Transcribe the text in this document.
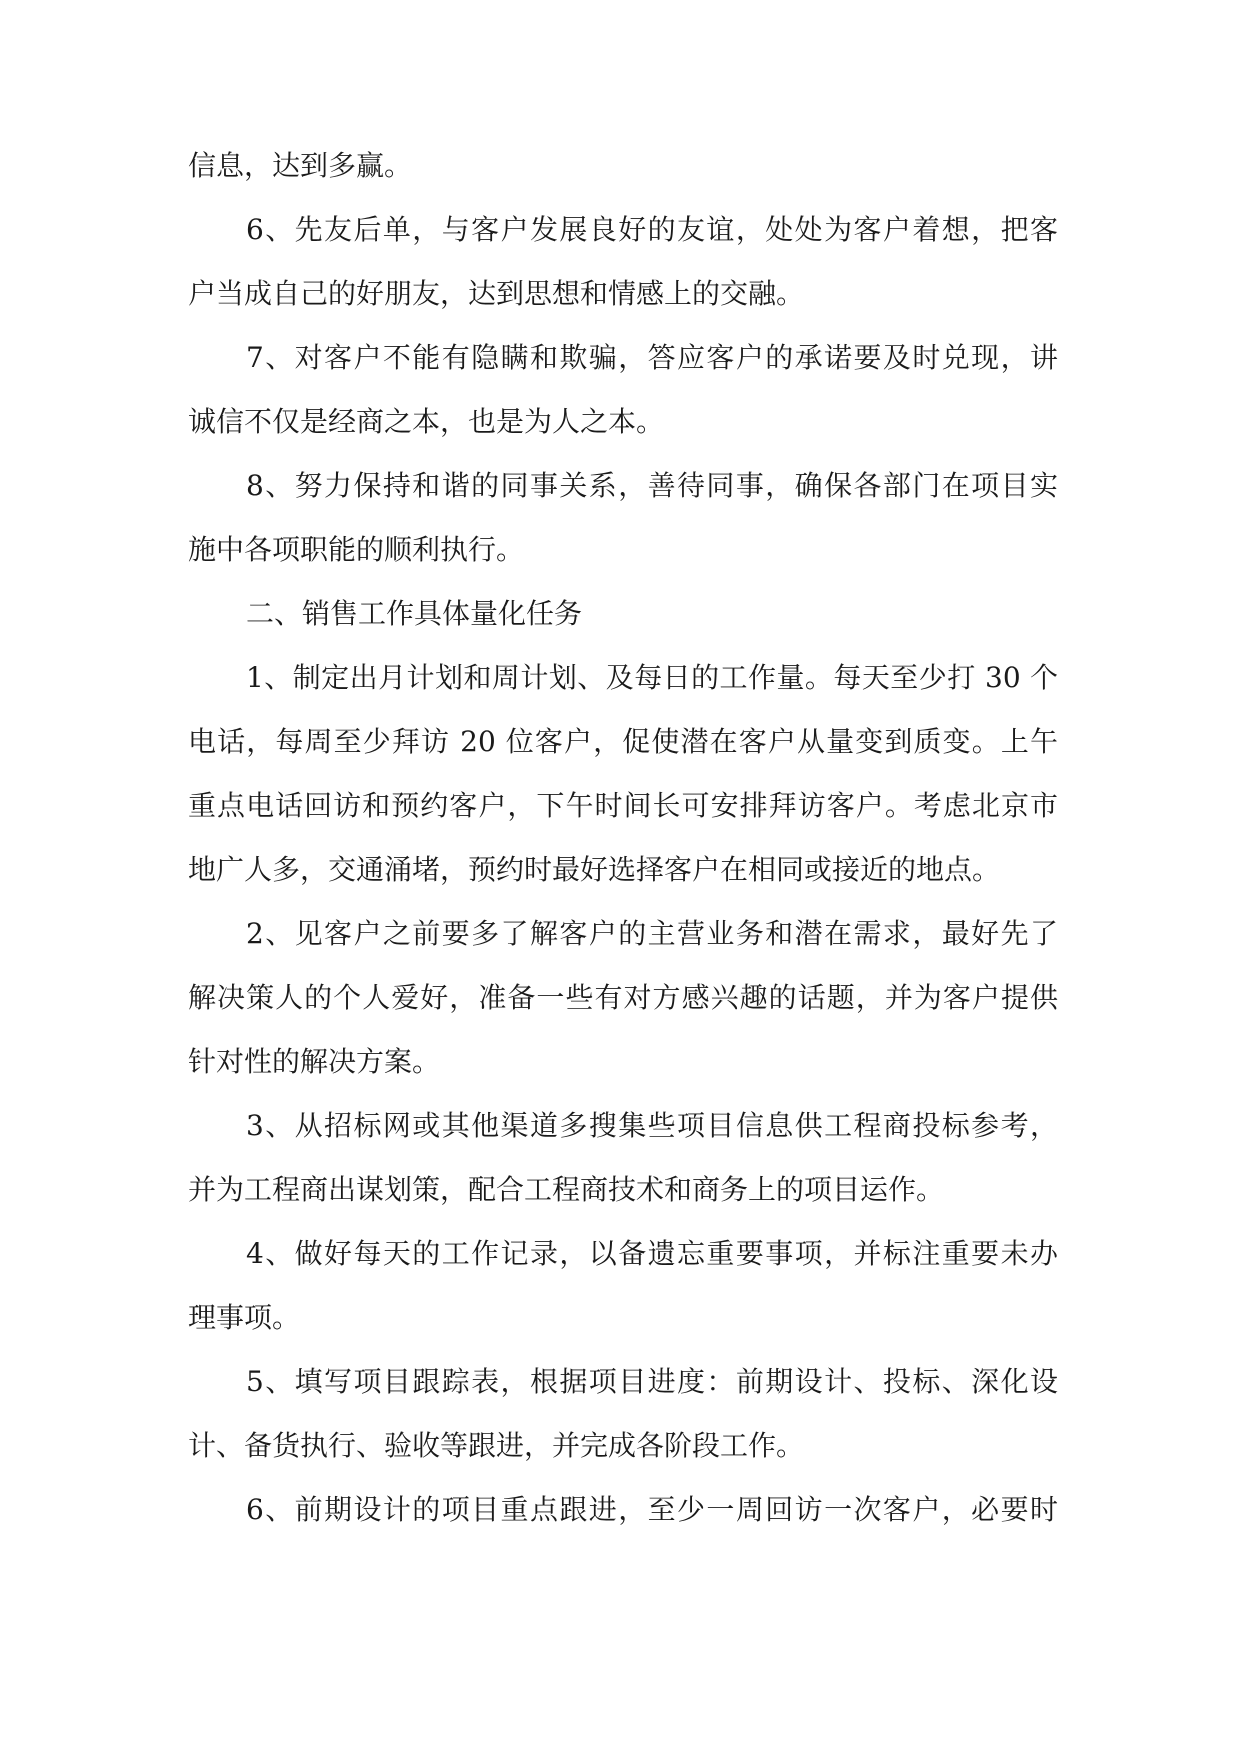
信息，达到多赢。
6、先友后单，与客户发展良好的友谊，处处为客户着想，把客
户当成自己的好朋友，达到思想和情感上的交融。
7、对客户不能有隐瞒和欺骗，答应客户的承诺要及时兑现，讲
诚信不仅是经商之本，也是为人之本。
8、努力保持和谐的同事关系，善待同事，确保各部门在项目实
施中各项职能的顺利执行。
二、销售工作具体量化任务
1、制定出月计划和周计划、及每日的工作量。每天至少打 30 个
电话，每周至少拜访 20 位客户，促使潜在客户从量变到质变。上午
重点电话回访和预约客户，下午时间长可安排拜访客户。考虑北京市
地广人多，交通涌堵，预约时最好选择客户在相同或接近的地点。
2、见客户之前要多了解客户的主营业务和潜在需求，最好先了
解决策人的个人爱好，准备一些有对方感兴趣的话题，并为客户提供
针对性的解决方案。
3、从招标网或其他渠道多搜集些项目信息供工程商投标参考，
并为工程商出谋划策，配合工程商技术和商务上的项目运作。
4、做好每天的工作记录，以备遗忘重要事项，并标注重要未办
理事项。
5、填写项目跟踪表，根据项目进度：前期设计、投标、深化设
计、备货执行、验收等跟进，并完成各阶段工作。
6、前期设计的项目重点跟进，至少一周回访一次客户，必要时
